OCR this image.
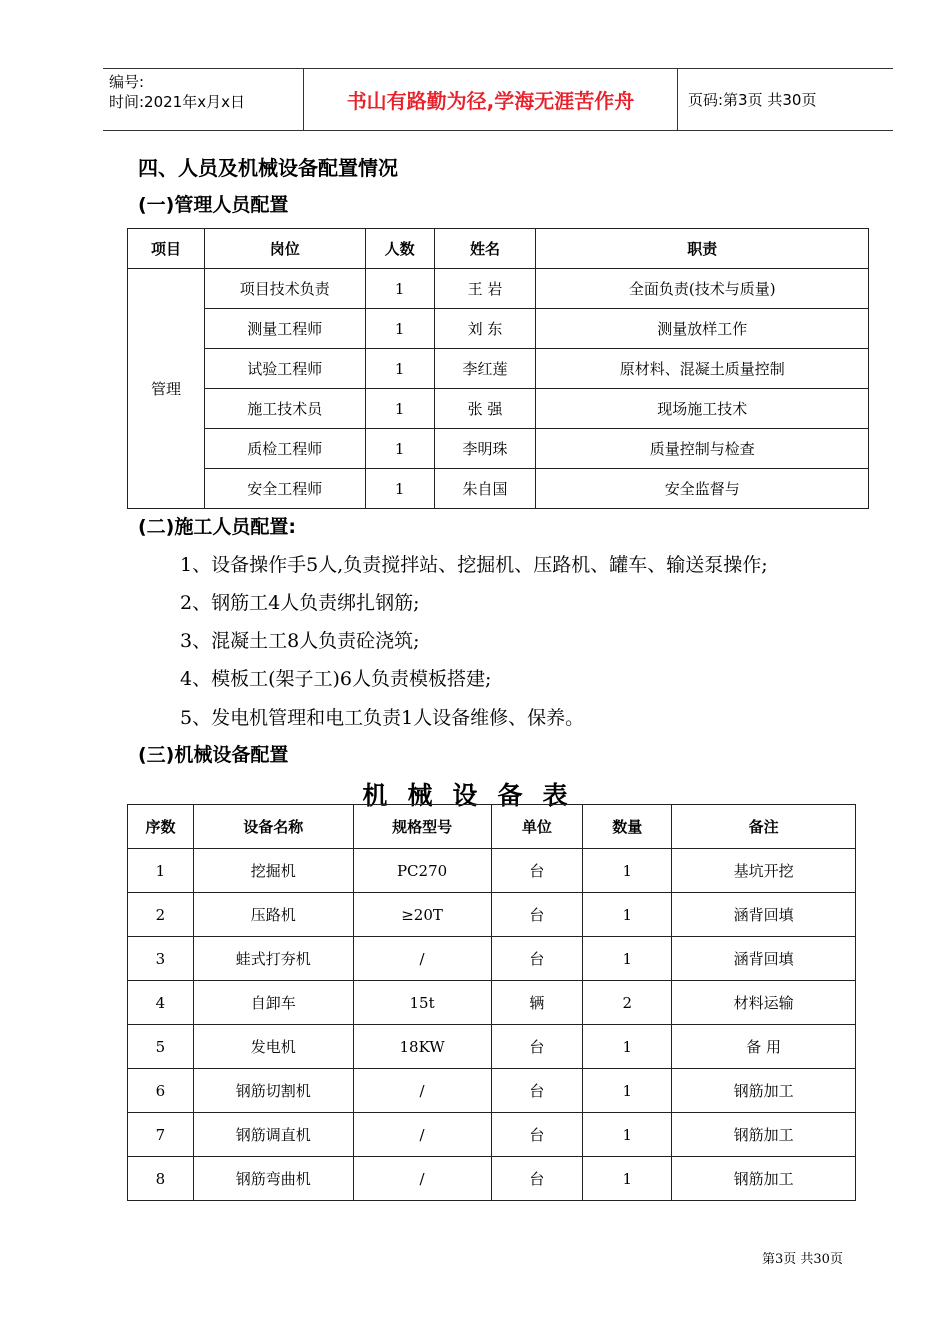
编号:
时间:2021年x月x日	书山有路勤为径,学海无涯苦作舟	页码:第3页 共30页
四、人员及机械设备配置情况
(一)管理人员配置
项目	岗位	人数	姓名	职责
管理	项目技术负责	1	王 岩	全面负责(技术与质量)
	测量工程师	1	刘 东	测量放样工作
	试验工程师	1	李红莲	原材料、混凝土质量控制
	施工技术员	1	张 强	现场施工技术
	质检工程师	1	李明珠	质量控制与检查
	安全工程师	1	朱自国	安全监督与
(二)施工人员配置:
1、设备操作手5人,负责搅拌站、挖掘机、压路机、罐车、输送泵操作;
2、钢筋工4人负责绑扎钢筋;
3、混凝土工8人负责砼浇筑;
4、模板工(架子工)6人负责模板搭建;
5、发电机管理和电工负责1人设备维修、保养。
(三)机械设备配置
机械设备表
序数	设备名称	规格型号	单位	数量	备注
1	挖掘机	PC270	台	1	基坑开挖
2	压路机	≥20T	台	1	涵背回填
3	蛙式打夯机	/	台	1	涵背回填
4	自卸车	15t	辆	2	材料运输
5	发电机	18KW	台	1	备 用
6	钢筋切割机	/	台	1	钢筋加工
7	钢筋调直机	/	台	1	钢筋加工
8	钢筋弯曲机	/	台	1	钢筋加工
第3页 共30页
